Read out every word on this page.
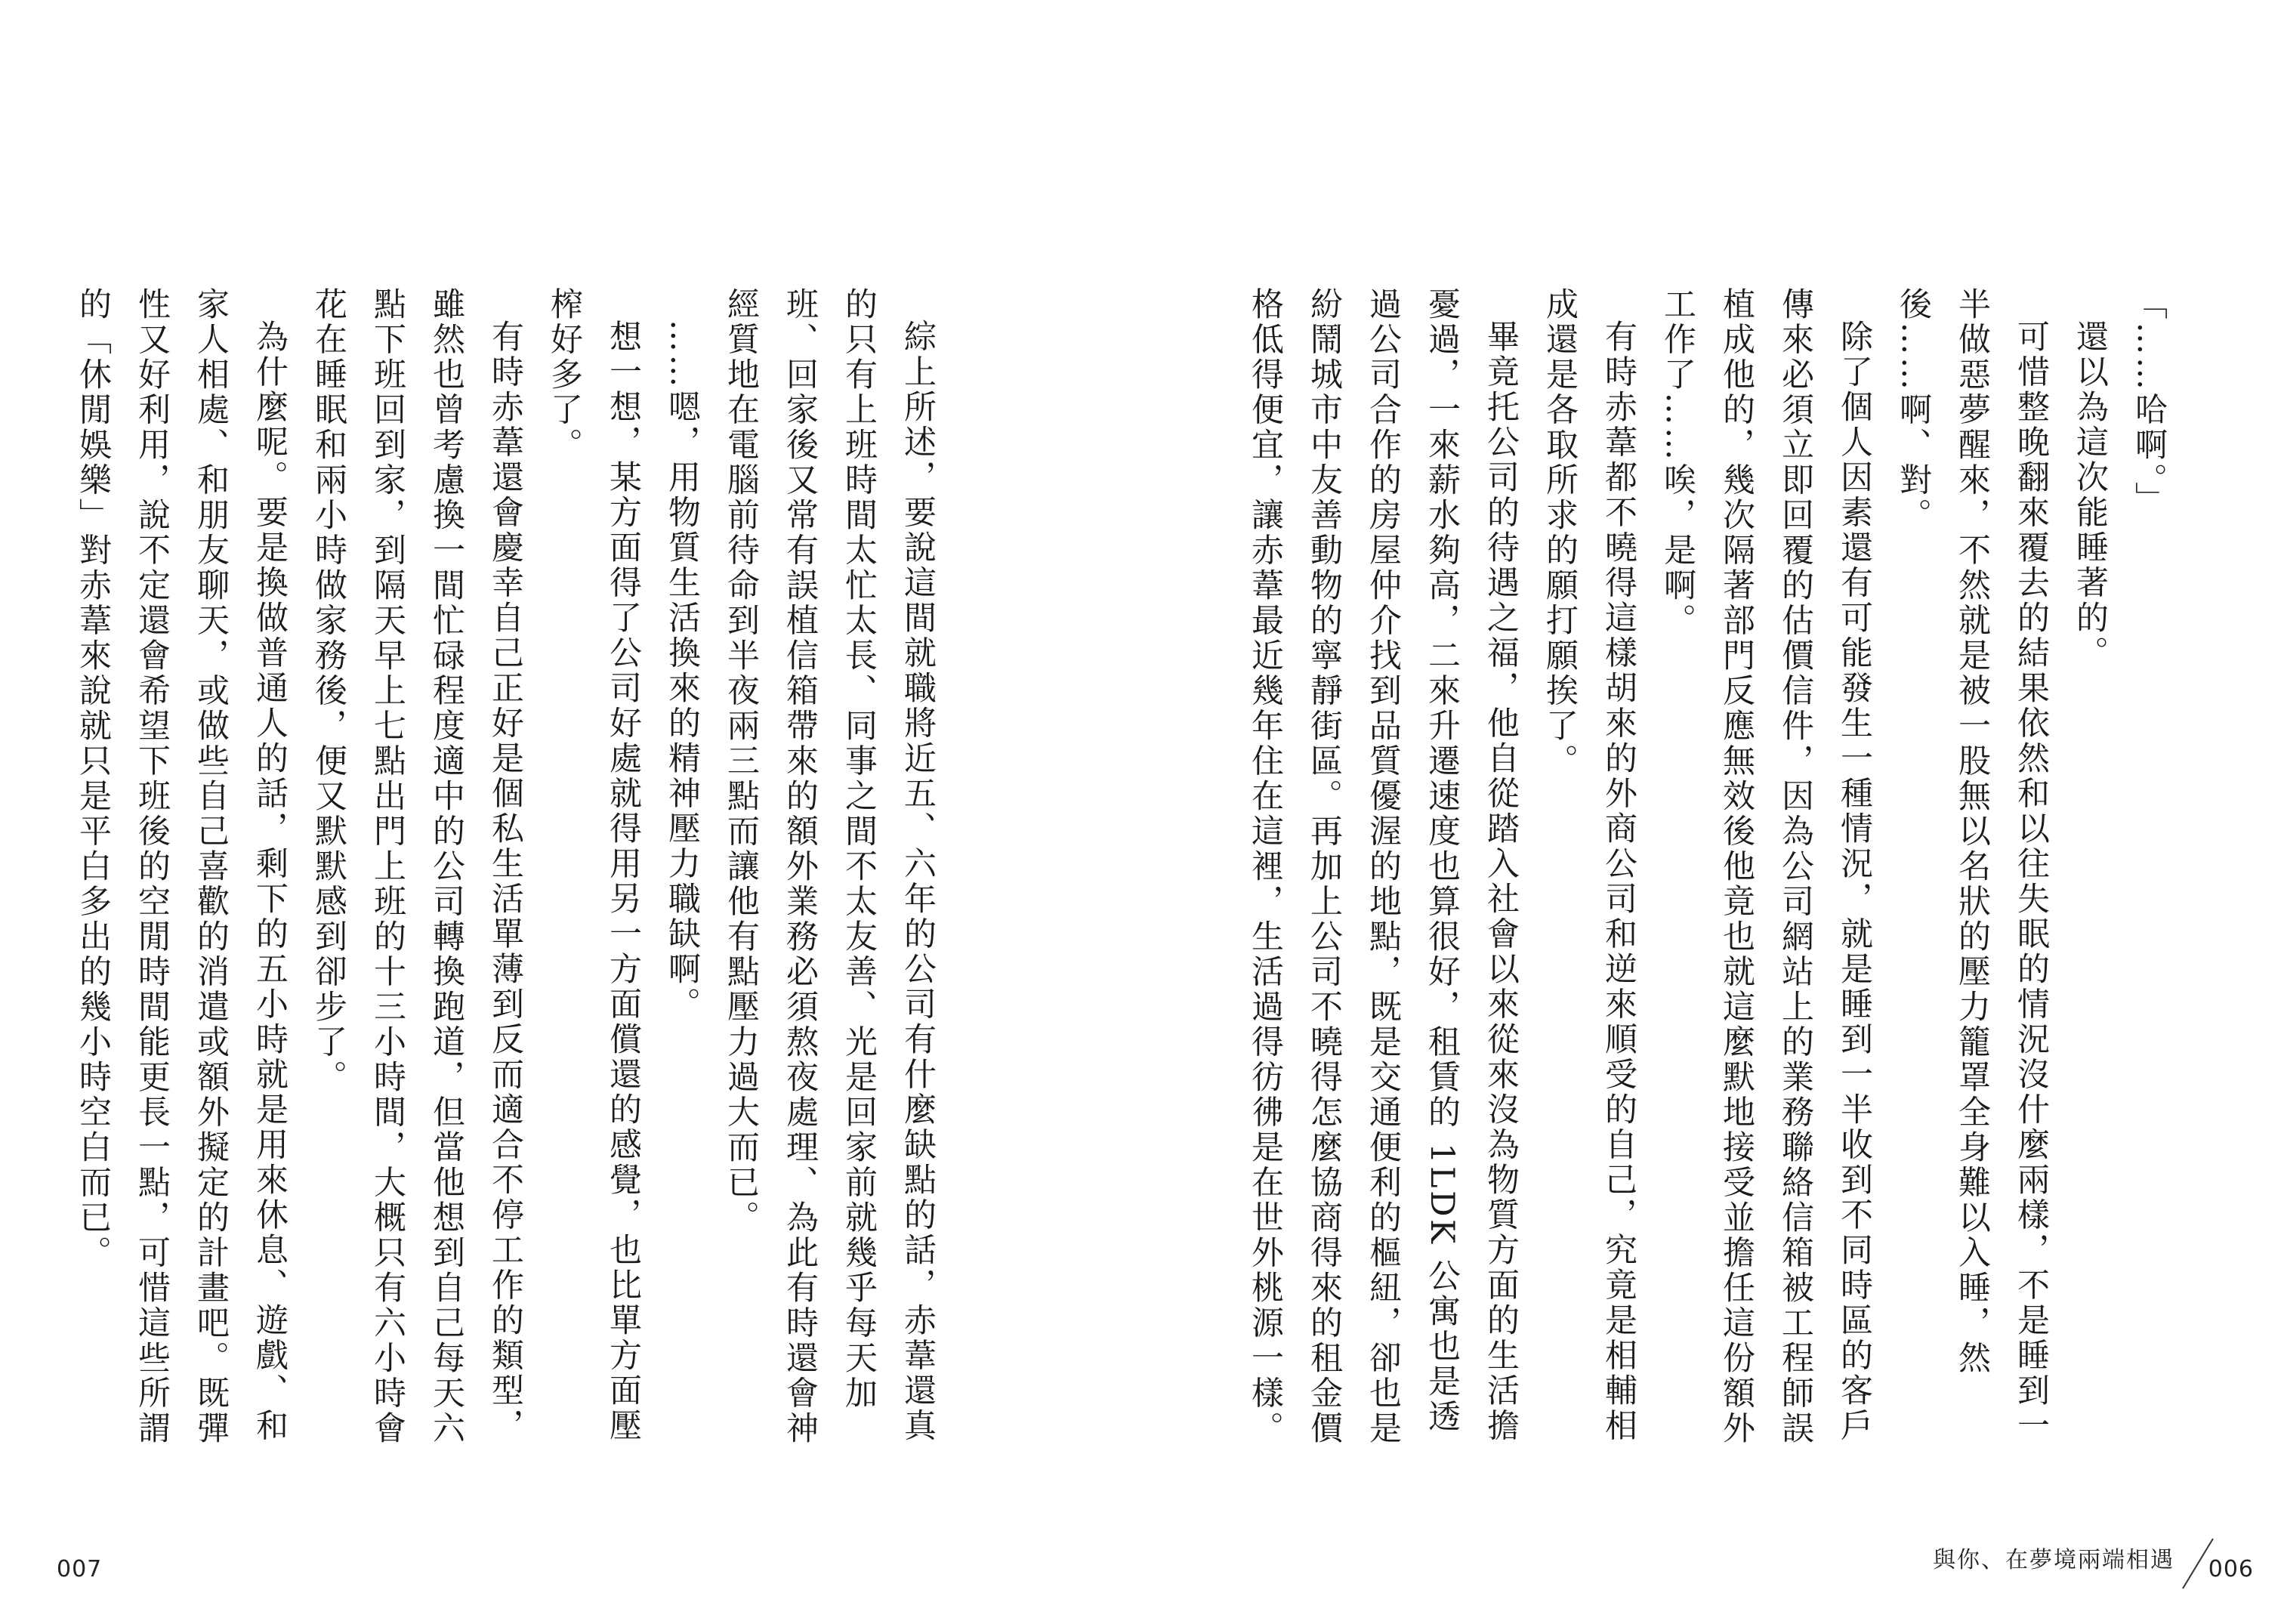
「……哈啊。」

還以為這次能睡著的。

可惜整晚翻來覆去的結果依然和以往失眠的情況沒什麼兩樣，不是睡到一半做惡夢醒來，不然就是被一股無以名狀的壓力籠罩全身難以入睡，然後……啊、對。

除了個人因素還有可能發生一種情況，就是睡到一半收到不同時區的客戶傳來必須立即回覆的估價信件，因為公司網站上的業務聯絡信箱被工程師誤植成他的，幾次隔著部門反應無效後他竟也就這麼默地接受並擔任這份額外工作了……唉，是啊。

有時赤葦都不曉得這樣胡來的外商公司和逆來順受的自己，究竟是相輔相成還是各取所求的願打願挨了。

畢竟托公司的待遇之福，他自從踏入社會以來從來沒為物質方面的生活擔憂過，一來薪水夠高，二來升遷速度也算很好，租賃的 1LDK 公寓也是透過公司合作的房屋仲介找到品質優渥的地點，既是交通便利的樞紐，卻也是紛鬧城市中友善動物的寧靜街區。再加上公司不曉得怎麼協商得來的租金價格低得便宜，讓赤葦最近幾年住在這裡，生活過得彷彿是在世外桃源一樣。

綜上所述，要說這間就職將近五、六年的公司有什麼缺點的話，赤葦還真的只有上班時間太忙太長、同事之間不太友善、光是回家前就幾乎每天加班、回家後又常有誤植信箱帶來的額外業務必須熬夜處理、為此有時還會神經質地在電腦前待命到半夜兩三點而讓他有點壓力過大而已。

……嗯，用物質生活換來的精神壓力職缺啊。

想一想，某方面得了公司好處就得用另一方面償還的感覺，也比單方面壓榨好多了。

有時赤葦還會慶幸自己正好是個私生活單薄到反而適合不停工作的類型，雖然也曾考慮換一間忙碌程度適中的公司轉換跑道，但當他想到自己每天六點下班回到家，到隔天早上七點出門上班的十三小時間，大概只有六小時會花在睡眠和兩小時做家務後，便又默默感到卻步了。

為什麼呢。要是換做普通人的話，剩下的五小時就是用來休息、遊戲、和家人相處、和朋友聊天，或做些自己喜歡的消遣或額外擬定的計畫吧。既彈性又好利用，說不定還會希望下班後的空閒時間能更長一點，可惜這些所謂的「休閒娛樂」對赤葦來說就只是平白多出的幾小時空白而已。

007	與你、在夢境兩端相遇 006
